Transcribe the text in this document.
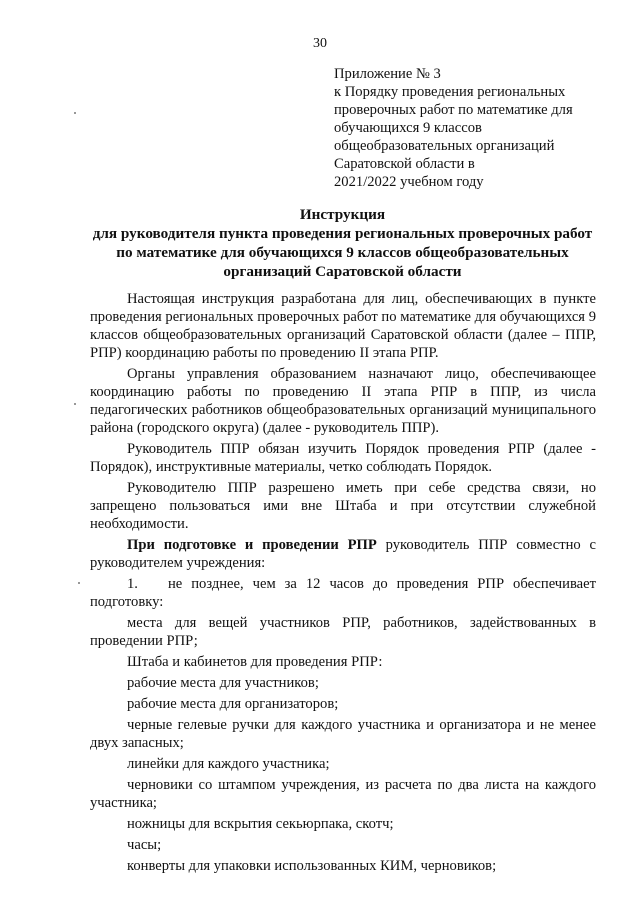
30
Приложение № 3
к Порядку проведения региональных
проверочных работ по математике для
обучающихся 9 классов
общеобразовательных организаций
Саратовской области в
2021/2022 учебном году
Инструкция
для руководителя пункта проведения региональных проверочных работ
по математике для обучающихся 9 классов общеобразовательных
организаций Саратовской области

Настоящая инструкция разработана для лиц, обеспечивающих в пункте проведения региональных проверочных работ по математике для обучающихся 9 классов общеобразовательных организаций Саратовской области (далее – ППР, РПР) координацию работы по проведению II этапа РПР.

Органы управления образованием назначают лицо, обеспечивающее координацию работы по проведению II этапа РПР в ППР, из числа педагогических работников общеобразовательных организаций муниципального района (городского округа) (далее - руководитель ППР).

Руководитель ППР обязан изучить Порядок проведения РПР (далее - Порядок), инструктивные материалы, четко соблюдать Порядок.

Руководителю ППР разрешено иметь при себе средства связи, но запрещено пользоваться ими вне Штаба и при отсутствии служебной необходимости.

При подготовке и проведении РПР руководитель ППР совместно с руководителем учреждения:

1. не позднее, чем за 12 часов до проведения РПР обеспечивает подготовку:

места для вещей участников РПР, работников, задействованных в проведении РПР;

Штаба и кабинетов для проведения РПР:

рабочие места для участников;

рабочие места для организаторов;

черные гелевые ручки для каждого участника и организатора и не менее двух запасных;

линейки для каждого участника;

черновики со штампом учреждения, из расчета по два листа на каждого участника;

ножницы для вскрытия секьюрпака, скотч;

часы;

конверты для упаковки использованных КИМ, черновиков;
